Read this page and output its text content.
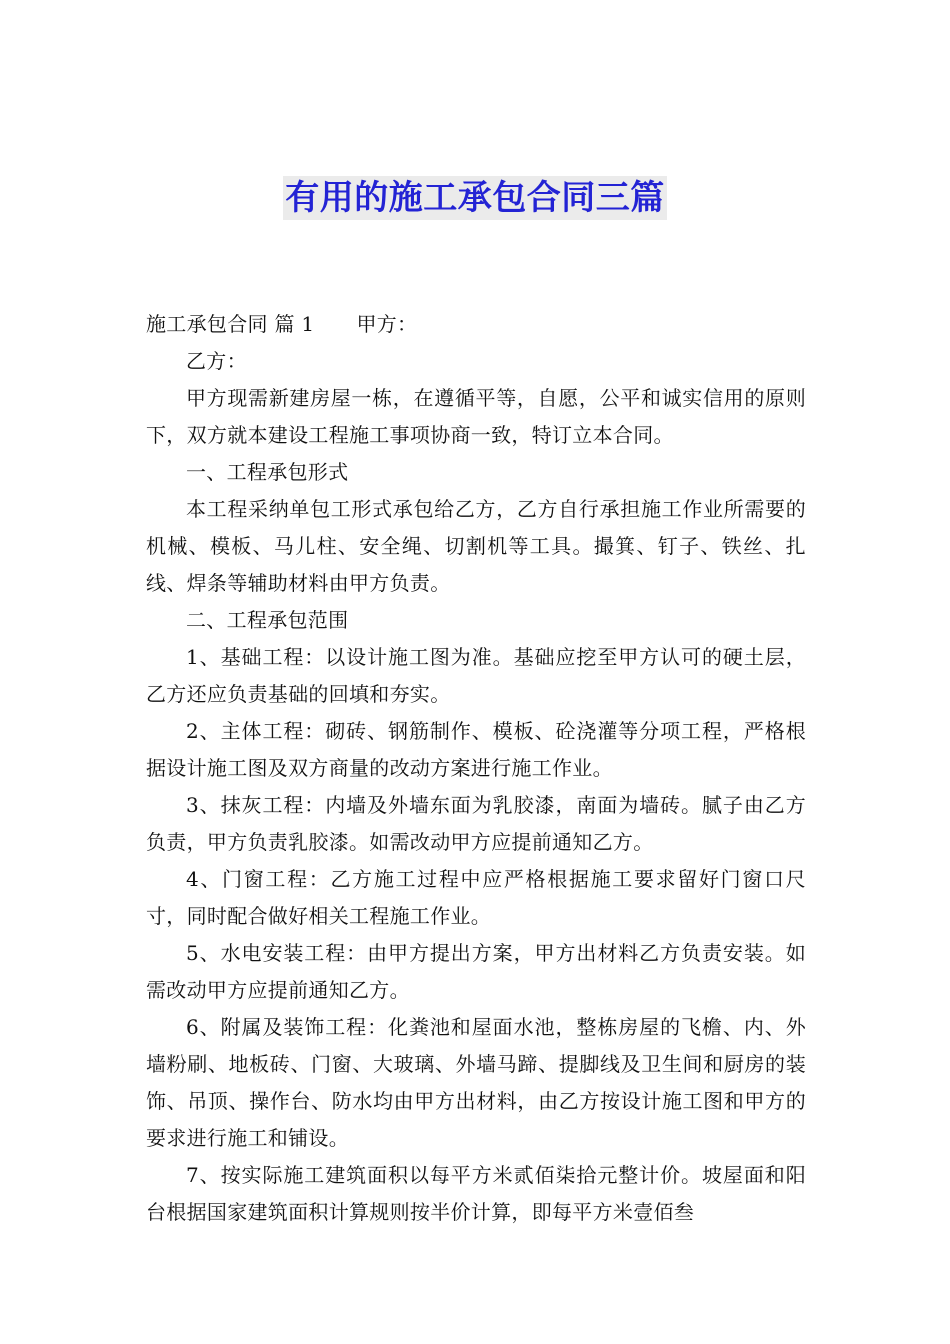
有用的施工承包合同三篇

施工承包合同 篇 1 甲方：

乙方：

甲方现需新建房屋一栋，在遵循平等，自愿，公平和诚实信用的原则下，双方就本建设工程施工事项协商一致，特订立本合同。

一、工程承包形式

本工程采纳单包工形式承包给乙方，乙方自行承担施工作业所需要的机械、模板、马儿柱、安全绳、切割机等工具。撮箕、钉子、铁丝、扎线、焊条等辅助材料由甲方负责。

二、工程承包范围

1、基础工程：以设计施工图为准。基础应挖至甲方认可的硬土层，乙方还应负责基础的回填和夯实。

2、主体工程：砌砖、钢筋制作、模板、砼浇灌等分项工程，严格根据设计施工图及双方商量的改动方案进行施工作业。

3、抹灰工程：内墙及外墙东面为乳胶漆，南面为墙砖。腻子由乙方负责，甲方负责乳胶漆。如需改动甲方应提前通知乙方。

4、门窗工程：乙方施工过程中应严格根据施工要求留好门窗口尺寸，同时配合做好相关工程施工作业。

5、水电安装工程：由甲方提出方案，甲方出材料乙方负责安装。如需改动甲方应提前通知乙方。

6、附属及装饰工程：化粪池和屋面水池，整栋房屋的飞檐、内、外墙粉刷、地板砖、门窗、大玻璃、外墙马蹄、提脚线及卫生间和厨房的装饰、吊顶、操作台、防水均由甲方出材料，由乙方按设计施工图和甲方的要求进行施工和铺设。

7、按实际施工建筑面积以每平方米贰佰柒拾元整计价。坡屋面和阳台根据国家建筑面积计算规则按半价计算，即每平方米壹佰叁
